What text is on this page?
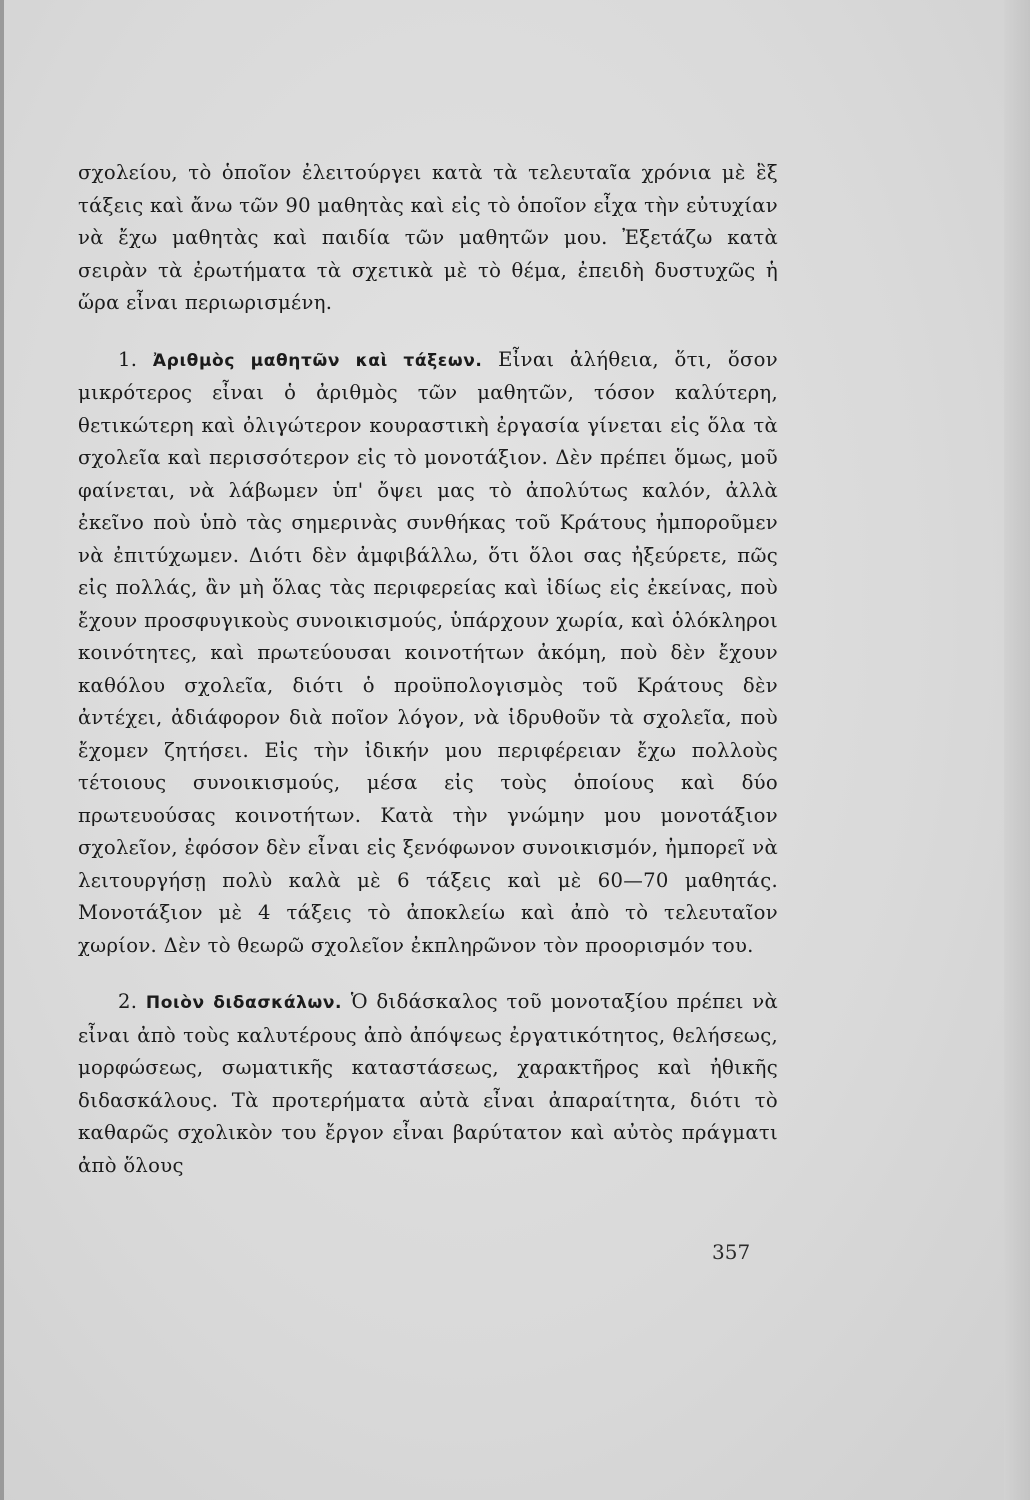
σχολείου, τὸ ὁποῖον ἐλειτούργει κατὰ τὰ τελευταῖα χρόνια μὲ ἓξ τάξεις καὶ ἄνω τῶν 90 μαθητὰς καὶ εἰς τὸ ὁποῖον εἶχα τὴν εὐτυχίαν νὰ ἔχω μαθητὰς καὶ παιδία τῶν μαθητῶν μου. Ἐξετάζω κατὰ σειρὰν τὰ ἐρωτήματα τὰ σχετικὰ μὲ τὸ θέμα, ἐπειδὴ δυστυχῶς ἡ ὥρα εἶναι περιωρισμένη.

1. Ἀριθμὸς μαθητῶν καὶ τάξεων. Εἶναι ἀλήθεια, ὅτι, ὅσον μικρότερος εἶναι ὁ ἀριθμὸς τῶν μαθητῶν, τόσον καλύτερη, θετικώτερη καὶ ὀλιγώτερον κουραστικὴ ἐργασία γίνεται εἰς ὅλα τὰ σχολεῖα καὶ περισσότερον εἰς τὸ μονοτάξιον. Δὲν πρέπει ὅμως, μοῦ φαίνεται, νὰ λάβωμεν ὑπ' ὄψει μας τὸ ἀπολύτως καλόν, ἀλλὰ ἐκεῖνο ποὺ ὑπὸ τὰς σημερινὰς συνθήκας τοῦ Κράτους ἠμποροῦμεν νὰ ἐπιτύχωμεν. Διότι δὲν ἀμφιβάλλω, ὅτι ὅλοι σας ἠξεύρετε, πῶς εἰς πολλάς, ἂν μὴ ὅλας τὰς περιφερείας καὶ ἰδίως εἰς ἐκείνας, ποὺ ἔχουν προσφυγικοὺς συνοικισμούς, ὑπάρχουν χωρία, καὶ ὁλόκληροι κοινότητες, καὶ πρωτεύουσαι κοινοτήτων ἀκόμη, ποὺ δὲν ἔχουν καθόλου σχολεῖα, διότι ὁ προϋπολογισμὸς τοῦ Κράτους δὲν ἀντέχει, ἀδιάφορον διὰ ποῖον λόγον, νὰ ἱδρυθοῦν τὰ σχολεῖα, ποὺ ἔχομεν ζητήσει. Εἰς τὴν ἰδικήν μου περιφέρειαν ἔχω πολλοὺς τέτοιους συνοικισμούς, μέσα εἰς τοὺς ὁποίους καὶ δύο πρωτευούσας κοινοτήτων. Κατὰ τὴν γνώμην μου μονοτάξιον σχολεῖον, ἐφόσον δὲν εἶναι εἰς ξενόφωνον συνοικισμόν, ἠμπορεῖ νὰ λειτουργήσῃ πολὺ καλὰ μὲ 6 τάξεις καὶ μὲ 60—70 μαθητάς. Μονοτάξιον μὲ 4 τάξεις τὸ ἀποκλείω καὶ ἀπὸ τὸ τελευταῖον χωρίον. Δὲν τὸ θεωρῶ σχολεῖον ἐκπληρῶνον τὸν προορισμόν του.

2. Ποιὸν διδασκάλων. Ὁ διδάσκαλος τοῦ μονοταξίου πρέπει νὰ εἶναι ἀπὸ τοὺς καλυτέρους ἀπὸ ἀπόψεως ἐργατικότητος, θελήσεως, μορφώσεως, σωματικῆς καταστάσεως, χαρακτῆρος καὶ ἠθικῆς διδασκάλους. Τὰ προτερήματα αὐτὰ εἶναι ἀπαραίτητα, διότι τὸ καθαρῶς σχολικὸν του ἔργον εἶναι βαρύτατον καὶ αὐτὸς πράγματι ἀπὸ ὅλους

357
